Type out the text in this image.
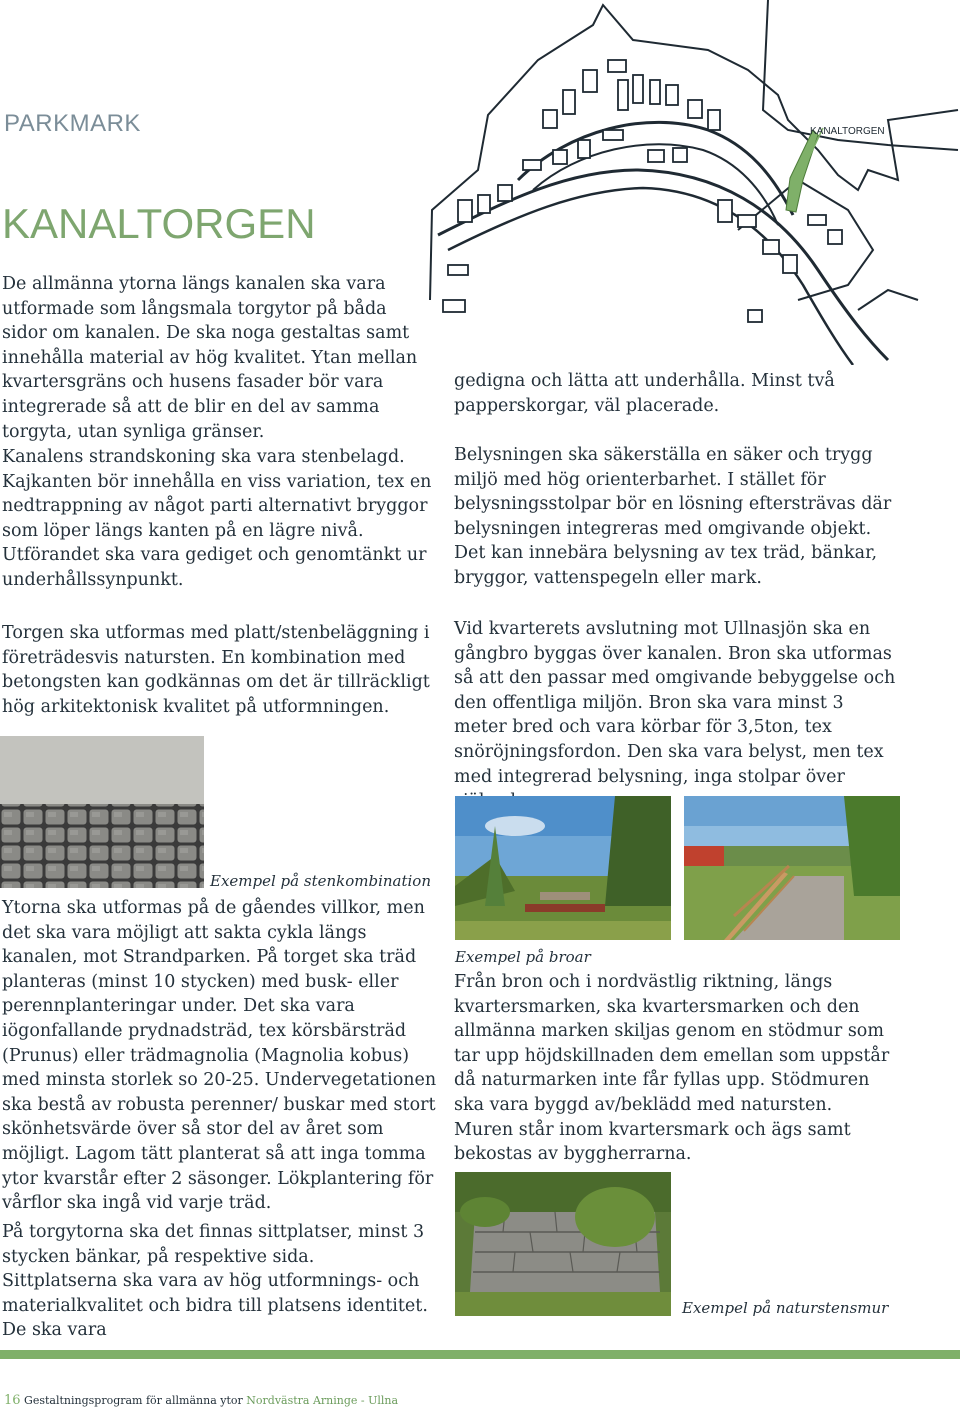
PARKMARK
KANALTORGEN
KANALTORGEN

De allmänna ytorna längs kanalen ska vara utformade som långsmala torgytor på båda sidor om kanalen. De ska noga gestaltas samt innehålla material av hög kvalitet. Ytan mellan kvartersgräns och husens fasader bör vara integrerade så att de blir en del av samma torgyta, utan synliga gränser.

Kanalens strandskoning ska vara stenbelagd. Kajkanten bör innehålla en viss variation, tex en nedtrappning av något parti alternativt bryggor som löper längs kanten på en lägre nivå. Utförandet ska vara gediget och genomtänkt ur underhållssynpunkt.

Torgen ska utformas med platt/stenbeläggning i företrädesvis natursten. En kombination med betongsten kan godkännas om det är tillräckligt hög arkitektonisk kvalitet på utformningen.

Exempel på stenkombination

Ytorna ska utformas på de gåendes villkor, men det ska vara möjligt att sakta cykla längs kanalen, mot Strandparken. På torget ska träd planteras (minst 10 stycken) med busk- eller perennplanteringar under. Det ska vara iögonfallande prydnadsträd, tex körsbärsträd (Prunus) eller trädmagnolia (Magnolia kobus) med minsta storlek so 20-25. Undervegetationen ska bestå av robusta perenner/ buskar med stort skönhetsvärde över så stor del av året som möjligt. Lagom tätt planterat så att inga tomma ytor kvarstår efter 2 säsonger. Lökplantering för vårflor ska ingå vid varje träd.

På torgytorna ska det finnas sittplatser, minst 3 stycken bänkar, på respektive sida. Sittplatserna ska vara av hög utformnings- och materialkvalitet och bidra till platsens identitet. De ska vara

gedigna och lätta att underhålla. Minst två papperskorgar, väl placerade.

Belysningen ska säkerställa en säker och trygg miljö med hög orienterbarhet. I stället för belysningsstolpar bör en lösning eftersträvas där belysningen integreras med omgivande objekt. Det kan innebära belysning av tex träd, bänkar, bryggor, vattenspegeln eller mark.

Vid kvarterets avslutning mot Ullnasjön ska en gångbro byggas över kanalen. Bron ska utformas så att den passar med omgivande bebyggelse och den offentliga miljön. Bron ska vara minst 3 meter bred och vara körbar för 3,5ton, tex snöröjningsfordon. Den ska vara belyst, men tex med integrerad belysning, inga stolpar över

Exempel på broar

Från bron och i nordvästlig riktning, längs kvartersmarken, ska kvartersmarken och den allmänna marken skiljas genom en stödmur som tar upp höjdskillnaden dem emellan som uppstår då naturmarken inte får fyllas upp. Stödmuren ska vara byggd av/beklädd med natursten. Muren står inom kvartersmark och ägs samt bekostas av byggherrarna.

Exempel på naturstensmur
16 Gestaltningsprogram för allmänna ytor Nordvästra Arninge - Ullna
